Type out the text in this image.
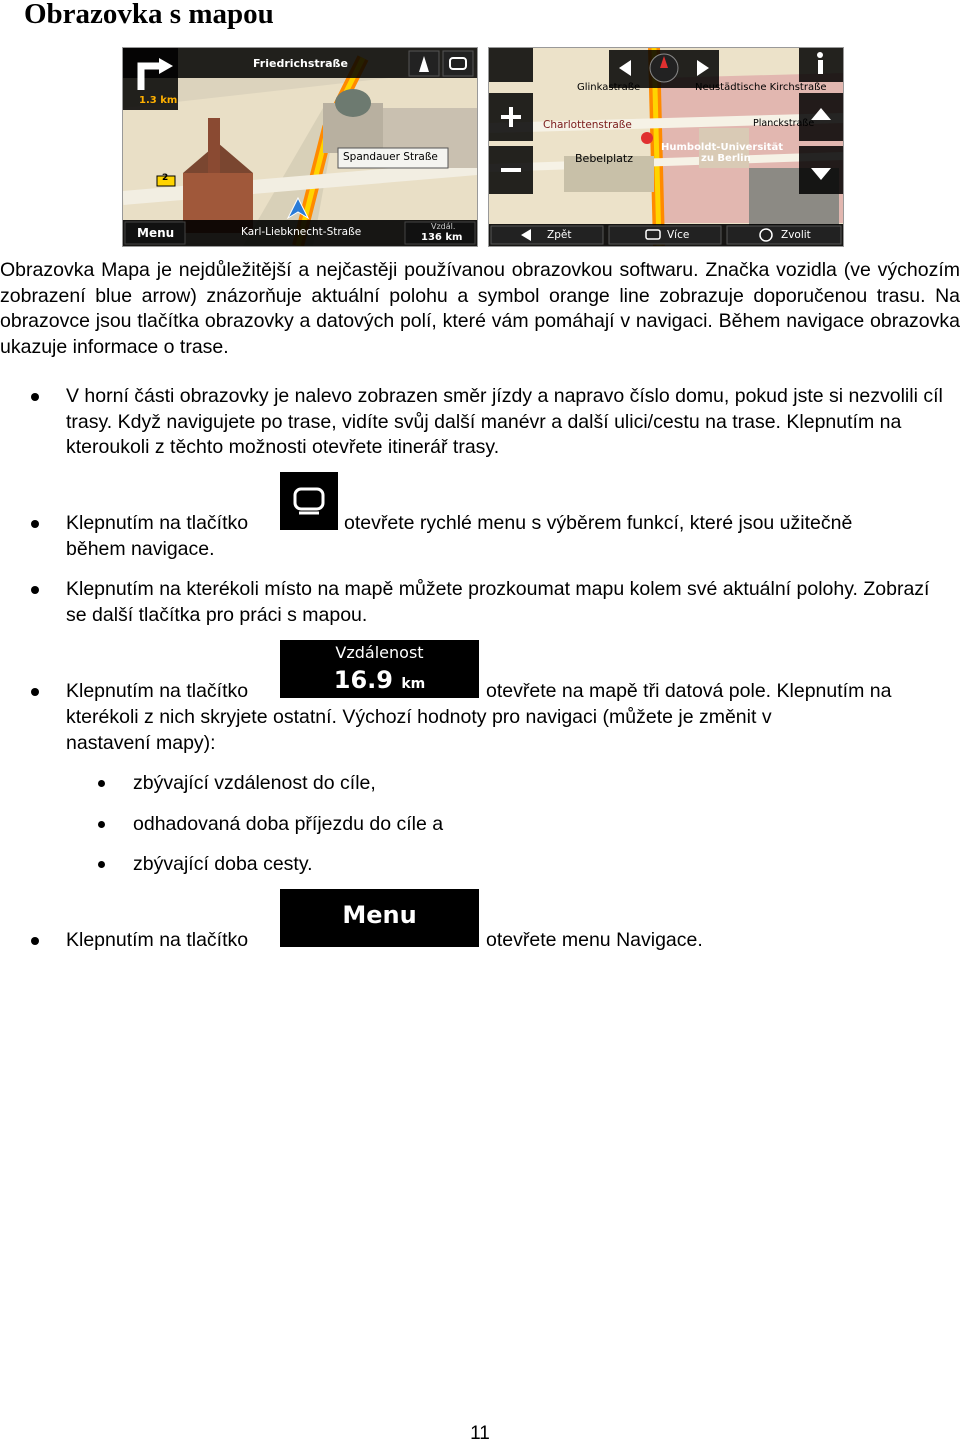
Obrazovka s mapou
Friedrichstraße
1.3 km
2
Spandauer Straße
Menu	Karl-Liebknecht-Straße	Vzdál.
136 km
Glinkastraße	Neustädtische Kirchstraße
Charlottenstraße	Planckstraße
Bebelplatz
Humboldt-Universität
zu Berlin
Zpět	Více	Zvolit
Obrazovka Mapa je nejdůležitější a nejčastěji používanou obrazovkou softwaru. Značka vozidla (ve výchozím zobrazení blue arrow) znázorňuje aktuální polohu a symbol orange line zobrazuje doporučenou trasu. Na obrazovce jsou tlačítka obrazovky a datových polí, které vám pomáhají v navigaci. Během navigace obrazovka ukazuje informace o trase.
V horní části obrazovky je nalevo zobrazen směr jízdy a napravo číslo domu, pokud jste si nezvolili cíl trasy. Když navigujete po trase, vidíte svůj další manévr a další ulici/cestu na trase. Klepnutím na kteroukoli z těchto možnosti otevřete itinerář trasy.
Klepnutím na tlačítko	otevřete rychlé menu s výběrem funkcí, které jsou užitečně
během navigace.
Klepnutím na kterékoli místo na mapě můžete prozkoumat mapu kolem své aktuální polohy. Zobrazí se další tlačítka pro práci s mapou.
Klepnutím na tlačítko
Vzdálenost
16.9 km	otevřete na mapě tři datová pole. Klepnutím na
kterékoli z nich skryjete ostatní. Výchozí hodnoty pro navigaci (můžete je změnit v
nastavení mapy):
zbývající vzdálenost do cíle,
odhadovaná doba příjezdu do cíle a
zbývající doba cesty.
Klepnutím na tlačítko
Menu
otevřete menu Navigace.
11
